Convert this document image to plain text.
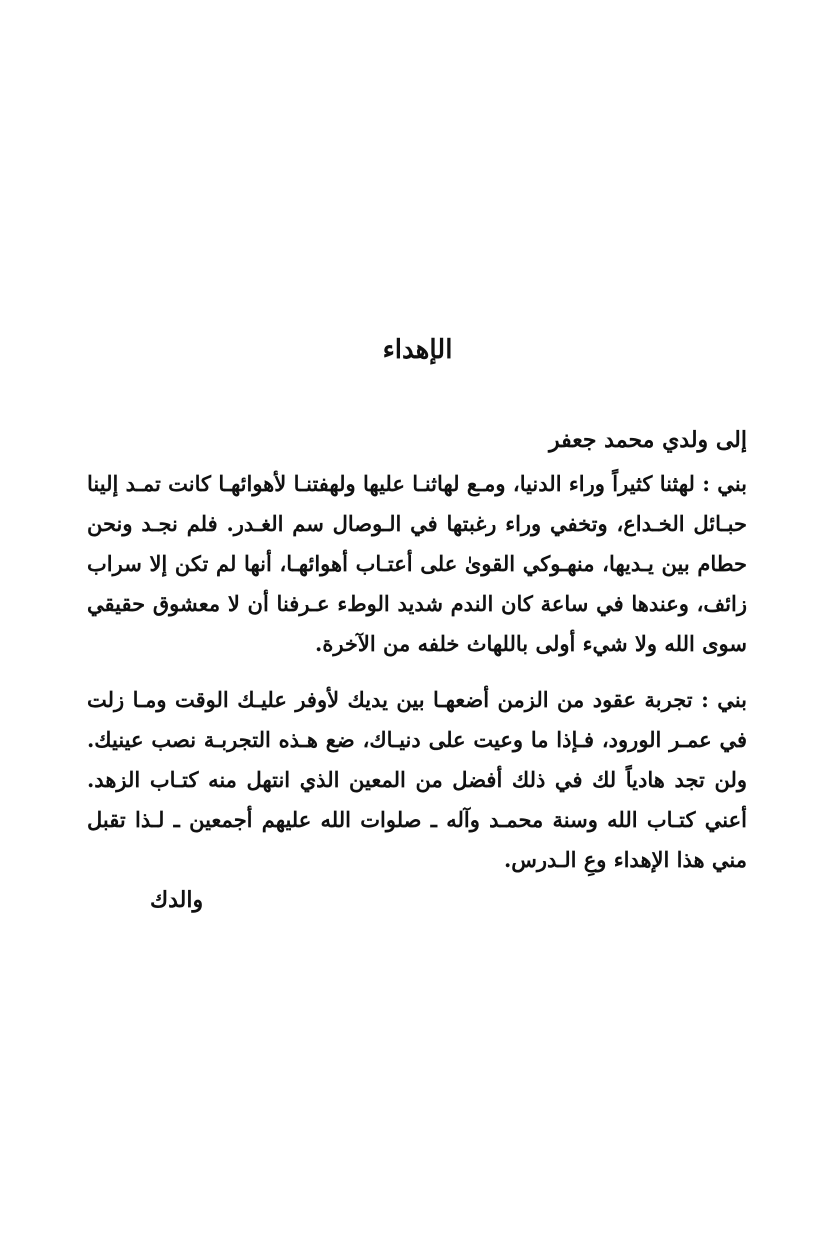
الإهداء
إلى ولدي محمد جعفر

بني : لهثنا كثيراً وراء الدنيا، ومـع لهاثنـا عليها ولهفتنـا لأهوائهـا كانت تمـد إلينا حبـائل الخـداع، وتخفي وراء رغبتها في الـوصال سم الغـدر. فلم نجـد ونحن حطام بين يـديها، منهـوكي القوىٰ على أعتـاب أهوائهـا، أنها لم تكن إلا سراب زائف، وعندها في ساعة كان الندم شديد الوطء عـرفنا أن لا معشوق حقيقي سوى الله ولا شيء أولى باللهاث خلفه من الآخرة.

بني : تجربة عقود من الزمن أضعهـا بين يديك لأوفر عليـك الوقت ومـا زلت في عمـر الورود، فـإذا ما وعيت على دنيـاك، ضع هـذه التجربـة نصب عينيك. ولن تجد هادياً لك في ذلك أفضل من المعين الذي انتهل منه كتـاب الزهد. أعني كتـاب الله وسنة محمـد وآله ـ صلوات الله عليهم أجمعين ـ لـذا تقبل مني هذا الإهداء وعِ الـدرس.

والدك
